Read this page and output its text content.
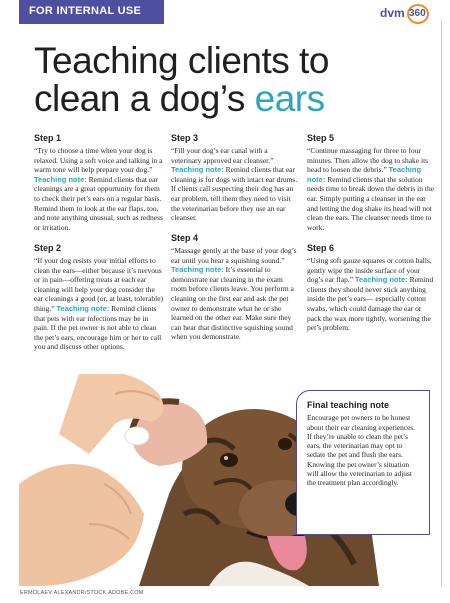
FOR INTERNAL USE	dvm 360
Teaching clients to
clean a dog’s ears
Step 1

“Try to choose a time when your dog is relaxed. Using a soft voice and talking in a warm tone will help prepare your dog.” Teaching note: Remind clients that ear cleanings are a great opportunity for them to check their pet’s ears on a regular basis. Remind them to look at the ear flaps, too, and note anything unusual, such as redness or irritation.

Step 2

“If your dog resists your initial efforts to clean the ears—either because it’s nervous or in pain—offering treats at each ear cleaning will help your dog consider the ear cleanings a good (or, at least, tolerable) thing.” Teaching note: Remind clients that pets with ear infections may be in pain. If the pet owner is not able to clean the pet’s ears, encourage him or her to call you and discuss other options.

Step 3

“Fill your dog’s ear canal with a veterinary approved ear cleanser.” Teaching note: Remind clients that ear cleaning is for dogs with intact ear drums. If clients call suspecting their dog has an ear problem, tell them they need to visit the veterinarian before they use an ear cleanser.

Step 4

“Massage gently at the base of your dog’s ear until you hear a squishing sound.” Teaching note: It’s essential to demonstrate ear cleaning in the exam room before clients leave. You perform a cleaning on the first ear and ask the pet owner to demonstrate what he or she learned on the other ear. Make sure they can hear that distinctive squishing sound when you demonstrate.

Step 5

“Continue massaging for three to four minutes. Then allow the dog to shake its head to loosen the debris.” Teaching note: Remind clients that the solution needs time to break down the debris in the ear. Simply putting a cleanser in the ear and letting the dog shake its head will not clean the ears. The cleanser needs time to work.

Step 6

“Using soft gauze squares or cotton balls, gently wipe the inside surface of your dog’s ear flap.” Teaching note: Remind clients they should never stick anything inside the pet’s ears— especially cotton swabs, which could damage the ear or pack the wax more tightly, worsening the pet’s problem.

Final teaching note

Encourage pet owners to be honest about their ear cleaning experiences. If they’re unable to clean the pet’s ears, the veterinarian may opt to sedate the pet and flush the ears. Knowing the pet owner’s situation will allow the veterinarian to adjust the treatment plan accordingly.

ERMOLAEV ALEXANDR/STOCK.ADOBE.COM
